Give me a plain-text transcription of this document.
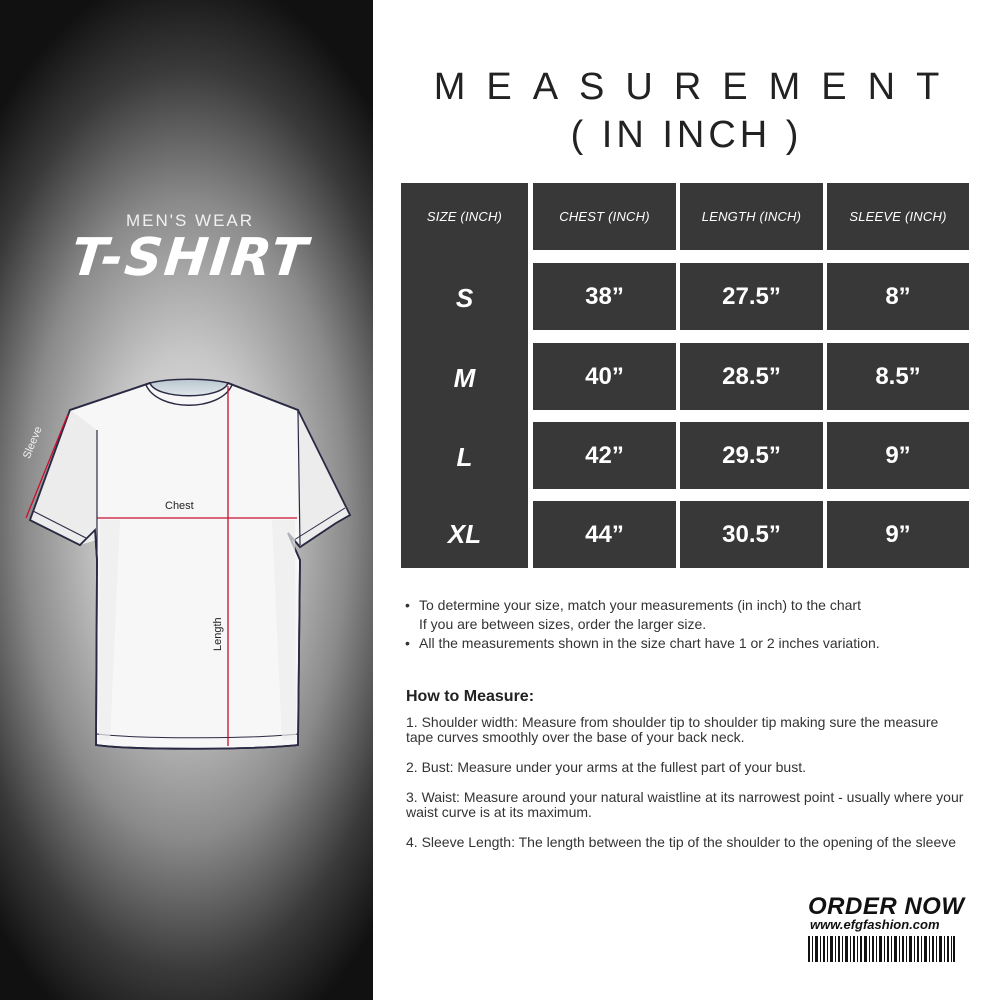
MEN'S WEAR
T-SHIRT
Sleeve
Chest
Length
MEASUREMENT
( IN INCH )
SIZE (INCH)	CHEST (INCH)	LENGTH (INCH)	SLEEVE (INCH)
S	38”	27.5”	8”
M	40”	28.5”	8.5”
L	42”	29.5”	9”
XL	44”	30.5”	9”
• To determine your size, match your measurements (in inch) to the chart
If you are between sizes, order the larger size.
• All the measurements shown in the size chart have 1 or 2 inches variation.
How to Measure:

1. Shoulder width: Measure from shoulder tip to shoulder tip making sure the measure tape curves smoothly over the base of your back neck.

2. Bust: Measure under your arms at the fullest part of your bust.

3. Waist: Measure around your natural waistline at its narrowest point - usually where your waist curve is at its maximum.

4. Sleeve Length: The length between the tip of the shoulder to the opening of the sleeve

ORDER NOW
www.efgfashion.com
